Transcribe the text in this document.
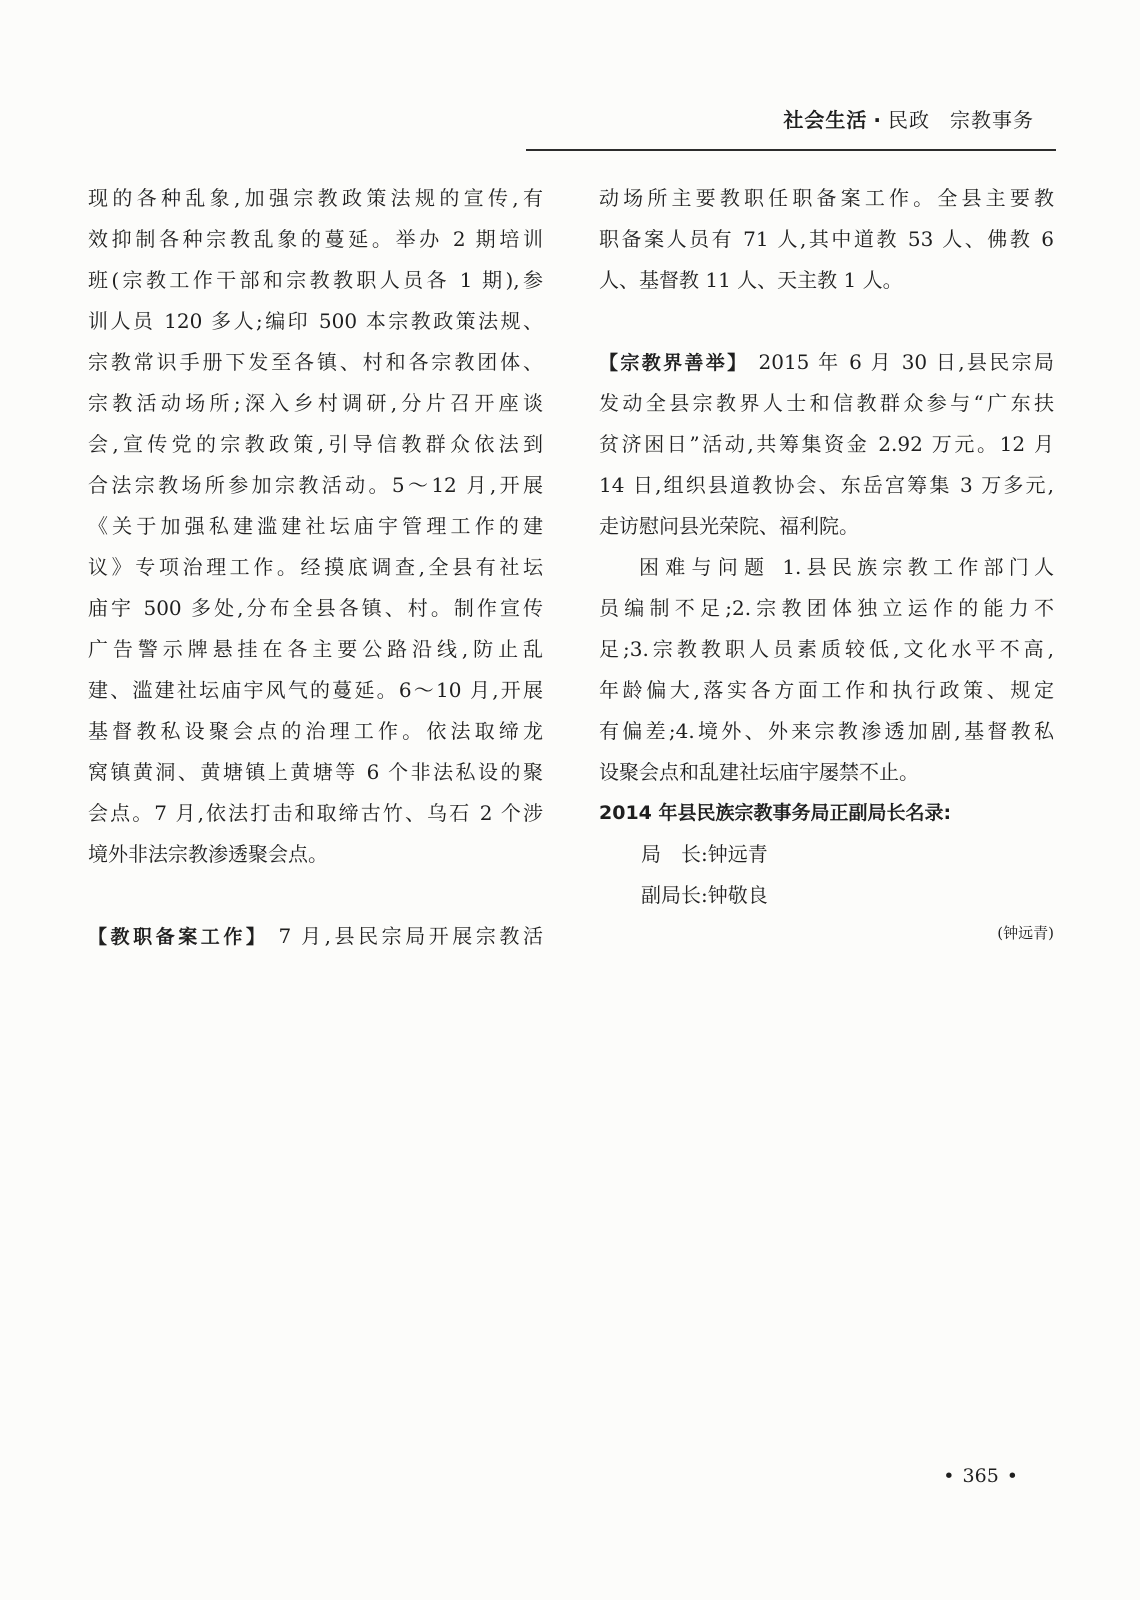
社会生活 · 民政 宗教事务
现的各种乱象,加强宗教政策法规的宣传,有
效抑制各种宗教乱象的蔓延。举办 2 期培训
班(宗教工作干部和宗教教职人员各 1 期),参
训人员 120 多人;编印 500 本宗教政策法规、
宗教常识手册下发至各镇、村和各宗教团体、
宗教活动场所;深入乡村调研,分片召开座谈
会,宣传党的宗教政策,引导信教群众依法到
合法宗教场所参加宗教活动。5～12 月,开展
《关于加强私建滥建社坛庙宇管理工作的建
议》专项治理工作。经摸底调查,全县有社坛
庙宇 500 多处,分布全县各镇、村。制作宣传
广告警示牌悬挂在各主要公路沿线,防止乱
建、滥建社坛庙宇风气的蔓延。6～10 月,开展
基督教私设聚会点的治理工作。依法取缔龙
窝镇黄洞、黄塘镇上黄塘等 6 个非法私设的聚
会点。7 月,依法打击和取缔古竹、乌石 2 个涉
境外非法宗教渗透聚会点。
【教职备案工作】 7 月,县民宗局开展宗教活
动场所主要教职任职备案工作。全县主要教
职备案人员有 71 人,其中道教 53 人、佛教 6
人、基督教 11 人、天主教 1 人。
【宗教界善举】 2015 年 6 月 30 日,县民宗局
发动全县宗教界人士和信教群众参与“广东扶
贫济困日”活动,共筹集资金 2.92 万元。12 月
14 日,组织县道教协会、东岳宫筹集 3 万多元,
走访慰问县光荣院、福利院。
困难与问题 1.县民族宗教工作部门人
员编制不足;2.宗教团体独立运作的能力不
足;3.宗教教职人员素质较低,文化水平不高,
年龄偏大,落实各方面工作和执行政策、规定
有偏差;4.境外、外来宗教渗透加剧,基督教私
设聚会点和乱建社坛庙宇屡禁不止。
2014 年县民族宗教事务局正副局长名录:
局　长:钟远青
副局长:钟敬良
(钟远青)
• 365 •
